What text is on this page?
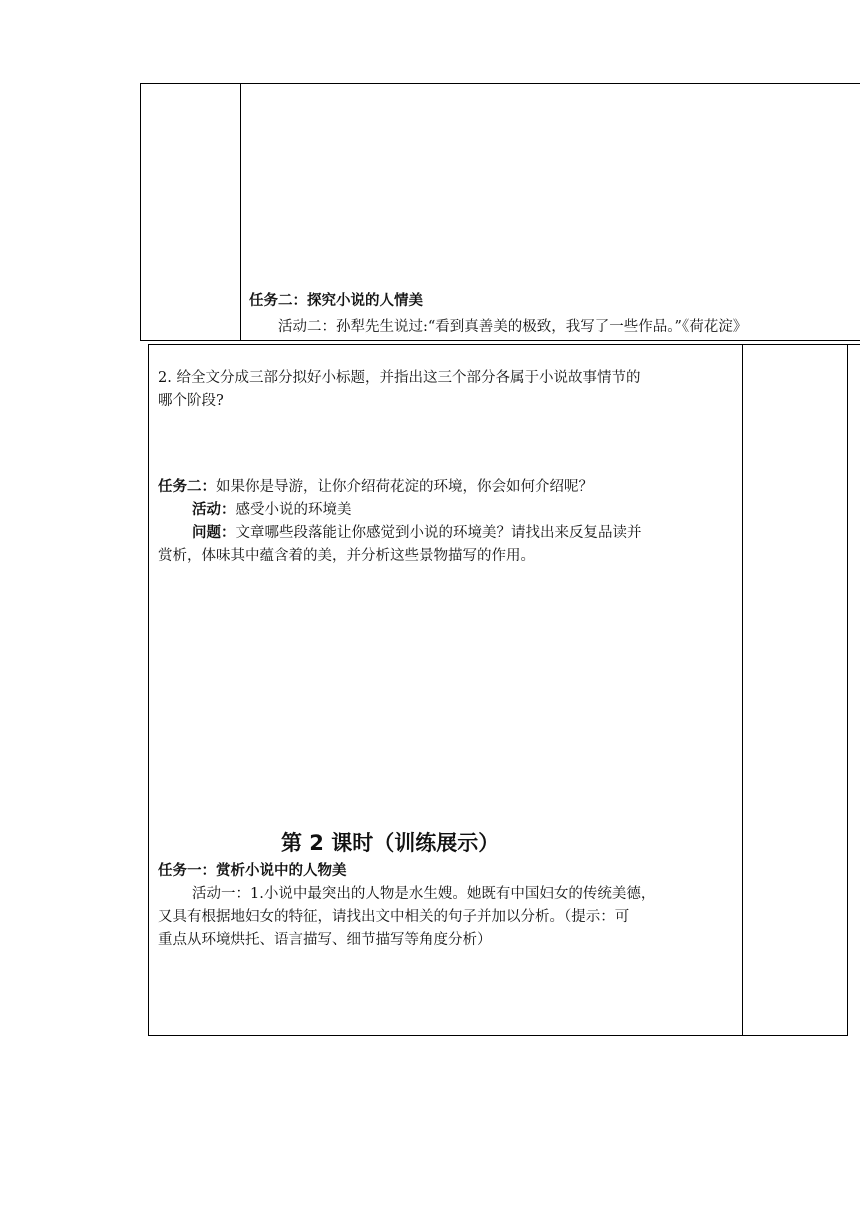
任务二：探究小说的人情美
活动二：孙犁先生说过:“看到真善美的极致，我写了一些作品。”《荷花淀》
2. 给全文分成三部分拟好小标题，并指出这三个部分各属于小说故事情节的
哪个阶段?
任务二：如果你是导游，让你介绍荷花淀的环境，你会如何介绍呢？
活动：感受小说的环境美
问题：文章哪些段落能让你感觉到小说的环境美？请找出来反复品读并
赏析，体味其中蕴含着的美，并分析这些景物描写的作用。
第 2 课时（训练展示）
任务一：赏析小说中的人物美
活动一：1.小说中最突出的人物是水生嫂。她既有中国妇女的传统美德，
又具有根据地妇女的特征，请找出文中相关的句子并加以分析。（提示：可
重点从环境烘托、语言描写、细节描写等角度分析）
